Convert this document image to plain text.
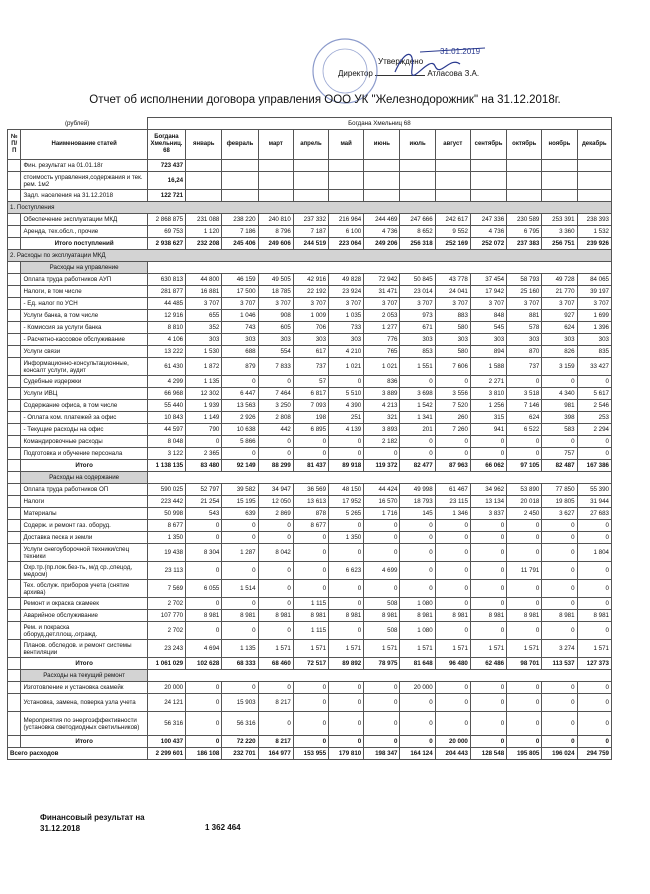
Утверждено
Директор	Атласова З.А.
31.01.2019
Отчет об исполнении договора управления ООО УК "Железнодорожник" на 31.12.2018г.
(рублей)		Богдана Хмельниц 68												
№ П/П	Наименование статей	Богдана Хмельниц. 68	январь	февраль	март	апрель	май	июнь	июль	август	сентябрь	октябрь	ноябрь	декабрь
	Фин. результат на 01.01.18г	723 437												
	стоимость управления,содержания и тек. рем. 1м2	16,24												
	Задл. населения на 31.12.2018	122 721												
1. Поступления														
	Обеспечение эксплуатации МКД	2 868 875	231 088	238 220	240 810	237 332	216 964	244 469	247 666	242 617	247 336	230 589	253 391	238 393
	Аренда, тех.обсл., прочие	69 753	1 120	7 186	8 796	7 187	6 100	4 736	8 652	9 552	4 736	6 795	3 360	1 532
	Итого поступлений	2 938 627	232 208	245 406	249 606	244 519	223 064	249 206	256 318	252 169	252 072	237 383	256 751	239 926
2. Расходы по эксплуатации МКД														
	Расходы на управление													
	Оплата труда работников АУП	630 813	44 800	46 159	49 505	42 916	49 828	72 942	50 845	43 778	37 454	58 793	49 728	84 065
	Налоги, в том числе	281 877	16 881	17 500	18 785	22 192	23 924	31 471	23 014	24 041	17 942	25 160	21 770	39 197
	- Ед. налог по УСН	44 485	3 707	3 707	3 707	3 707	3 707	3 707	3 707	3 707	3 707	3 707	3 707	3 707
	Услуги банка, в том числе	12 916	655	1 046	908	1 009	1 035	2 053	973	883	848	881	927	1 699
	- Комиссия за услуги банка	8 810	352	743	605	706	733	1 277	671	580	545	578	624	1 396
	- Расчетно-кассовое обслуживание	4 106	303	303	303	303	303	776	303	303	303	303	303	303
	Услуги связи	13 222	1 530	688	554	617	4 210	765	853	580	894	870	826	835
	Информационно-консультационные, консалт услуги, аудит	61 430	1 872	879	7 833	737	1 021	1 021	1 551	7 606	1 588	737	3 159	33 427
	Судебные издержки	4 299	1 135	0	0	57	0	836	0	0	2 271	0	0	0
	Услуги ИВЦ	66 968	12 302	6 447	7 464	6 817	5 510	3 889	3 698	3 556	3 810	3 518	4 340	5 617
	Содержание офиса, в том числе	55 440	1 939	13 563	3 250	7 093	4 390	4 213	1 542	7 520	1 256	7 146	981	2 546
	- Оплата ком. платежей за офис	10 843	1 149	2 926	2 808	198	251	321	1 341	260	315	624	398	253
	- Текущие расходы на офис	44 597	790	10 638	442	6 895	4 139	3 893	201	7 260	941	6 522	583	2 294
	Командировочные расходы	8 048	0	5 866	0	0	0	2 182	0	0	0	0	0	0
	Подготовка и обучение персонала	3 122	2 365	0	0	0	0	0	0	0	0	0	757	0
	Итого	1 138 135	83 480	92 149	88 299	81 437	89 918	119 372	82 477	87 963	66 062	97 105	82 487	167 386
	Расходы на содержание													
	Оплата труда работников ОП	590 025	52 797	39 582	34 947	36 569	48 150	44 424	49 998	61 467	34 962	53 890	77 850	55 390
	Налоги	223 442	21 254	15 195	12 050	13 613	17 952	16 570	18 793	23 115	13 134	20 018	19 805	31 944
	Материалы	50 998	543	639	2 869	878	5 265	1 716	145	1 346	3 837	2 450	3 627	27 683
	Содерж. и ремонт газ. оборуд.	8 677	0	0	0	8 677	0	0	0	0	0	0	0	0
	Доставка песка и земли	1 350	0	0	0	0	1 350	0	0	0	0	0	0	0
	Услуги снегоуборочной техники/спец техники	19 438	8 304	1 287	8 042	0	0	0	0	0	0	0	0	1 804
	Охр.тр.(пр.пож.без-ть, м/д ср.,спецод, медосм)	23 113	0	0	0	0	6 623	4 699	0	0	0	11 791	0	0
	Тех. обслуж. приборов учета (снятие архива)	7 569	6 055	1 514	0	0	0	0	0	0	0	0	0	0
	Ремонт и окраска скамеек	2 702	0	0	0	1 115	0	508	1 080	0	0	0	0	0
	Аварийное обслуживание	107 770	8 981	8 981	8 981	8 981	8 981	8 981	8 981	8 981	8 981	8 981	8 981	8 981
	Рем. и покраска оборуд.дет.площ.,огражд.	2 702	0	0	0	1 115	0	508	1 080	0	0	0	0	0
	Планов. обследов. и ремонт системы вентиляции	23 243	4 694	1 135	1 571	1 571	1 571	1 571	1 571	1 571	1 571	1 571	3 274	1 571
	Итого	1 061 029	102 628	68 333	68 460	72 517	89 892	78 975	81 648	96 480	62 486	98 701	113 537	127 373
	Расходы на текущий ремонт													
	Изготовление и установка скамейк	20 000	0	0	0	0	0	0	20 000	0	0	0	0	0
	Установка, замена, поверка узла учета	24 121	0	15 903	8 217	0	0	0	0	0	0	0	0	0
	Мероприятия по энергоэффективности (установка светодиодных светильников)	56 316	0	56 316	0	0	0	0	0	0	0	0	0	0
	Итого	100 437	0	72 220	8 217	0	0	0	0	20 000	0	0	0	0
Всего расходов		2 299 601	186 108	232 701	164 977	153 955	179 810	198 347	164 124	204 443	128 548	195 805	196 024	294 759
Финансовый результат на
31.12.2018	1 362 464
